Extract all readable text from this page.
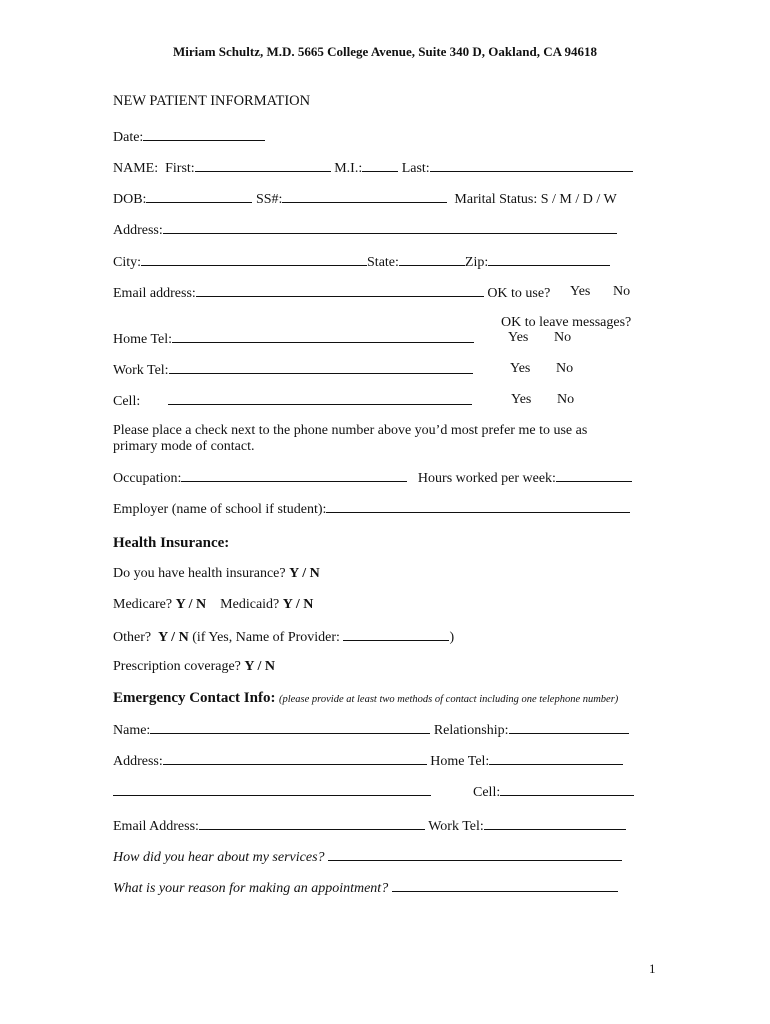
Miriam Schultz, M.D. 5665 College Avenue, Suite 340 D, Oakland, CA 94618
NEW PATIENT INFORMATION
Date:
NAME: First:	M.I.:	Last:
DOB:	SS#:	Marital Status: S / M / D / W
Address:
City:	State:	Zip:
Email address:	OK to use? Yes No
OK to leave messages?
Home Tel:	Yes No
Work Tel:	Yes No
Cell:	Yes No
Please place a check next to the phone number above you’d most prefer me to use as
primary mode of contact.
Occupation:	Hours worked per week:
Employer (name of school if student):
Health Insurance:
Do you have health insurance? Y / N
Medicare? Y / N Medicaid? Y / N
Other? Y / N (if Yes, Name of Provider:	)
Prescription coverage? Y / N
Emergency Contact Info: (please provide at least two methods of contact including one telephone number)
Name:	Relationship:
Address:	Home Tel:
Cell:
Email Address:	Work Tel:
How did you hear about my services?
What is your reason for making an appointment?
1
